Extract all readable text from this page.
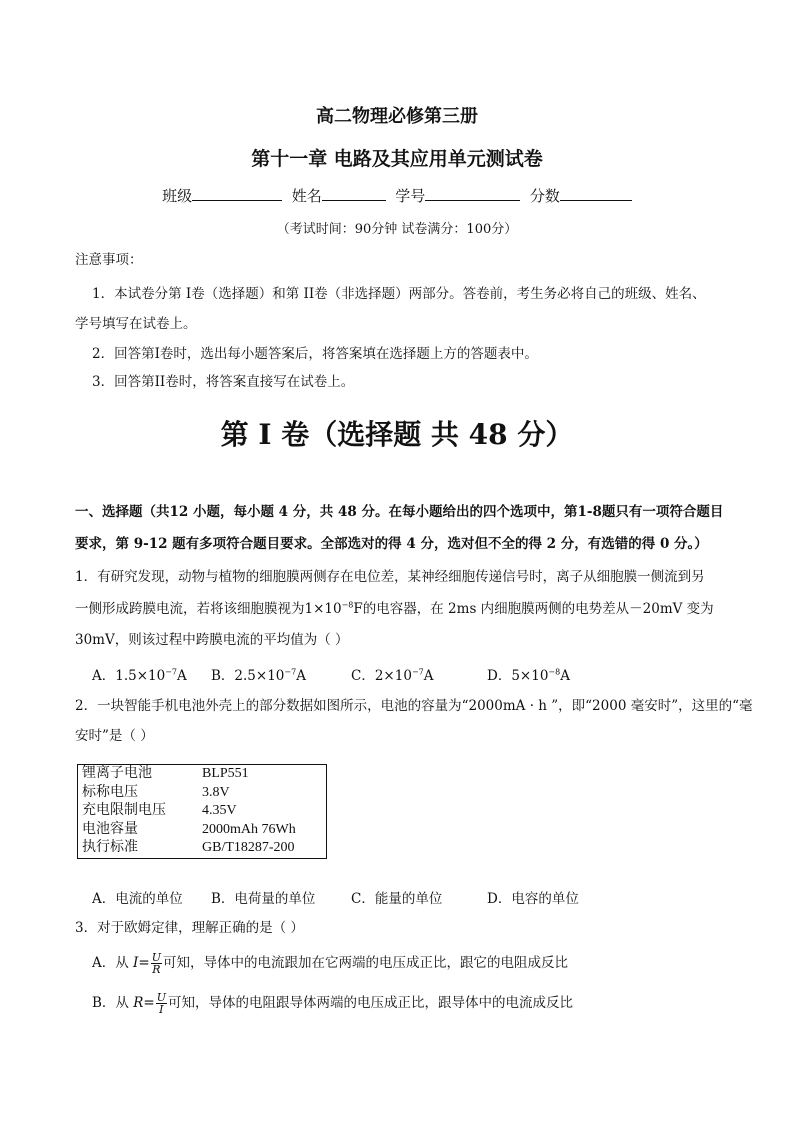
高二物理必修第三册
第十一章 电路及其应用单元测试卷
班级	姓名	学号	分数
（考试时间：90分钟 试卷满分：100分）
注意事项：
1．本试卷分第 I卷（选择题）和第 II卷（非选择题）两部分。答卷前，考生务必将自己的班级、姓名、
学号填写在试卷上。
2．回答第I卷时，选出每小题答案后，将答案填在选择题上方的答题表中。
3．回答第II卷时，将答案直接写在试卷上。
第 I 卷（选择题 共 48 分）
一、选择题（共12 小题，每小题 4 分，共 48 分。在每小题给出的四个选项中，第1-8题只有一项符合题目
要求，第 9-12 题有多项符合题目要求。全部选对的得 4 分，选对但不全的得 2 分，有选错的得 0 分。）
1．有研究发现，动物与植物的细胞膜两侧存在电位差，某神经细胞传递信号时，离子从细胞膜一侧流到另
一侧形成跨膜电流，若将该细胞膜视为$1\times 10^{-8}F$的电容器，在 2ms 内细胞膜两侧的电势差从－20mV 变为
30mV，则该过程中跨膜电流的平均值为（ ）
A．$1.5\times 10^{-7}A$ B．$2.5\times 10^{-7}A$	C．$2\times 10^{-7}A$	D．$5\times 10^{-8}A$
2．一块智能手机电池外壳上的部分数据如图所示，电池的容量为“2000mA · h ”，即“2000 毫安时”，这里的“毫
安时”是（ ）
锂离子电池	BLP551
标称电压	3.8V
充电限制电压	4.35V
电池容量	2000mAh 76Wh
执行标准	GB/T18287-200
A．电流的单位 B．电荷量的单位	C．能量的单位	D．电容的单位
3．对于欧姆定律，理解正确的是（ ）
A．从 $I= \frac{U}{R}$ 可知，导体中的电流跟加在它两端的电压成正比，跟它的电阻成反比
B．从 $R= \frac{U}{I}$ 可知，导体的电阻跟导体两端的电压成正比，跟导体中的电流成反比
